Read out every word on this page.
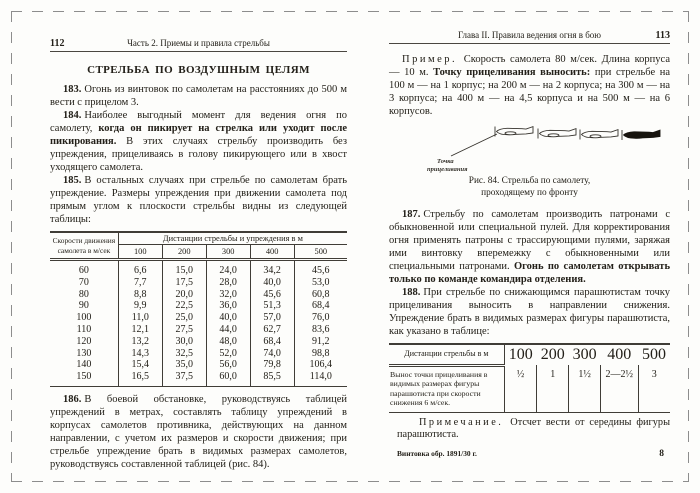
112	Часть 2. Приемы и правила стрельбы
СТРЕЛЬБА ПО ВОЗДУШНЫМ ЦЕЛЯМ

183. Огонь из винтовок по самолетам на расстояниях до 500 м вести с прицелом 3.

184. Наиболее выгодный момент для ведения огня по самолету, когда он пикирует на стрелка или уходит после пикирования. В этих случаях стрельбу производить без упреждения, прицеливаясь в голову пикирующего или в хвост уходящего самолета.

185. В остальных случаях при стрельбе по самолетам брать упреждение. Размеры упреждения при движении самолета под прямым углом к плоскости стрельбы видны из следующей таблицы:

Скорости движения самолета в м/сек	Дистанции стрельбы и упреждения в м				
	100	200	300	400	500
60	6,6	15,0	24,0	34,2	45,6
70	7,7	17,5	28,0	40,0	53,0
80	8,8	20,0	32,0	45,6	60,8
90	9,9	22,5	36,0	51,3	68,4
100	11,0	25,0	40,0	57,0	76,0
110	12,1	27,5	44,0	62,7	83,6
120	13,2	30,0	48,0	68,4	91,2
130	14,3	32,5	52,0	74,0	98,8
140	15,4	35,0	56,0	79,8	106,4
150	16,5	37,5	60,0	85,5	114,0

186. В боевой обстановке, руководствуясь таблицей упреждений в метрах, составлять таблицу упреждений в корпусах самолетов противника, действующих на данном направлении, с учетом их размеров и скорости движения; при стрельбе упреждение брать в видимых размерах самолетов, руководствуясь составленной таблицей (рис. 84).

Глава II. Правила ведения огня в бою	113

Пример. Скорость самолета 80 м/сек. Длина корпуса — 10 м. Точку прицеливания выносить: при стрельбе на 100 м — на 1 корпус; на 200 м — на 2 корпуса; на 300 м — на 3 корпуса; на 400 м — на 4,5 корпуса и на 500 м — на 6 корпусов.

Точка
прицеливания
Рис. 84. Стрельба по самолету,
проходящему по фронту

187. Стрельбу по самолетам производить патронами с обыкновенной или специальной пулей. Для корректирования огня применять патроны с трассирующими пулями, заряжая ими винтовку вперемежку с обыкновенными или специальными патронами. Огонь по самолетам открывать только по команде командира отделения.

188. При стрельбе по снижающимся парашютистам точку прицеливания выносить в направлении снижения. Упреждение брать в видимых размерах фигуры парашютиста, как указано в таблице:

Дистанции стрельбы в м	100	200	300	400	500
Вынос точки прицеливания в видимых размерах фигуры парашютиста при скорости снижения 6 м/сек.	½	1	1½	2—2½	3

Примечание. Отсчет вести от середины фигуры парашютиста.

Винтовка обр. 1891/30 г.	8
